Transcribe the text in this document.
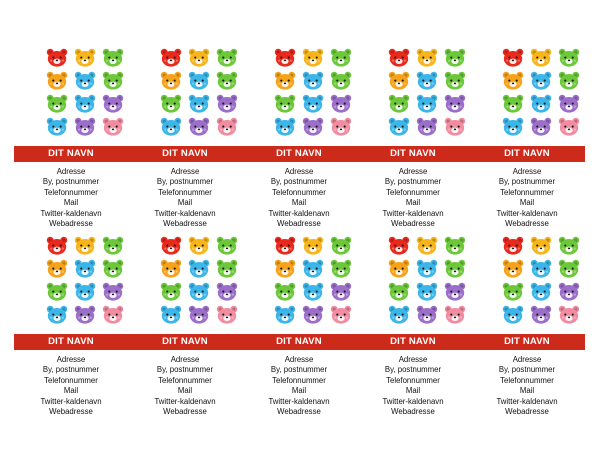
DIT NAVN	DIT NAVN	DIT NAVN	DIT NAVN	DIT NAVN
Adresse
By, postnummer
Telefonnummer
Mail
Twitter-kaldenavn
Webadresse
Adresse
By, postnummer
Telefonnummer
Mail
Twitter-kaldenavn
Webadresse
Adresse
By, postnummer
Telefonnummer
Mail
Twitter-kaldenavn
Webadresse
Adresse
By, postnummer
Telefonnummer
Mail
Twitter-kaldenavn
Webadresse
Adresse
By, postnummer
Telefonnummer
Mail
Twitter-kaldenavn
Webadresse
DIT NAVN	DIT NAVN	DIT NAVN	DIT NAVN	DIT NAVN
Adresse
By, postnummer
Telefonnummer
Mail
Twitter-kaldenavn
Webadresse
Adresse
By, postnummer
Telefonnummer
Mail
Twitter-kaldenavn
Webadresse
Adresse
By, postnummer
Telefonnummer
Mail
Twitter-kaldenavn
Webadresse
Adresse
By, postnummer
Telefonnummer
Mail
Twitter-kaldenavn
Webadresse
Adresse
By, postnummer
Telefonnummer
Mail
Twitter-kaldenavn
Webadresse
